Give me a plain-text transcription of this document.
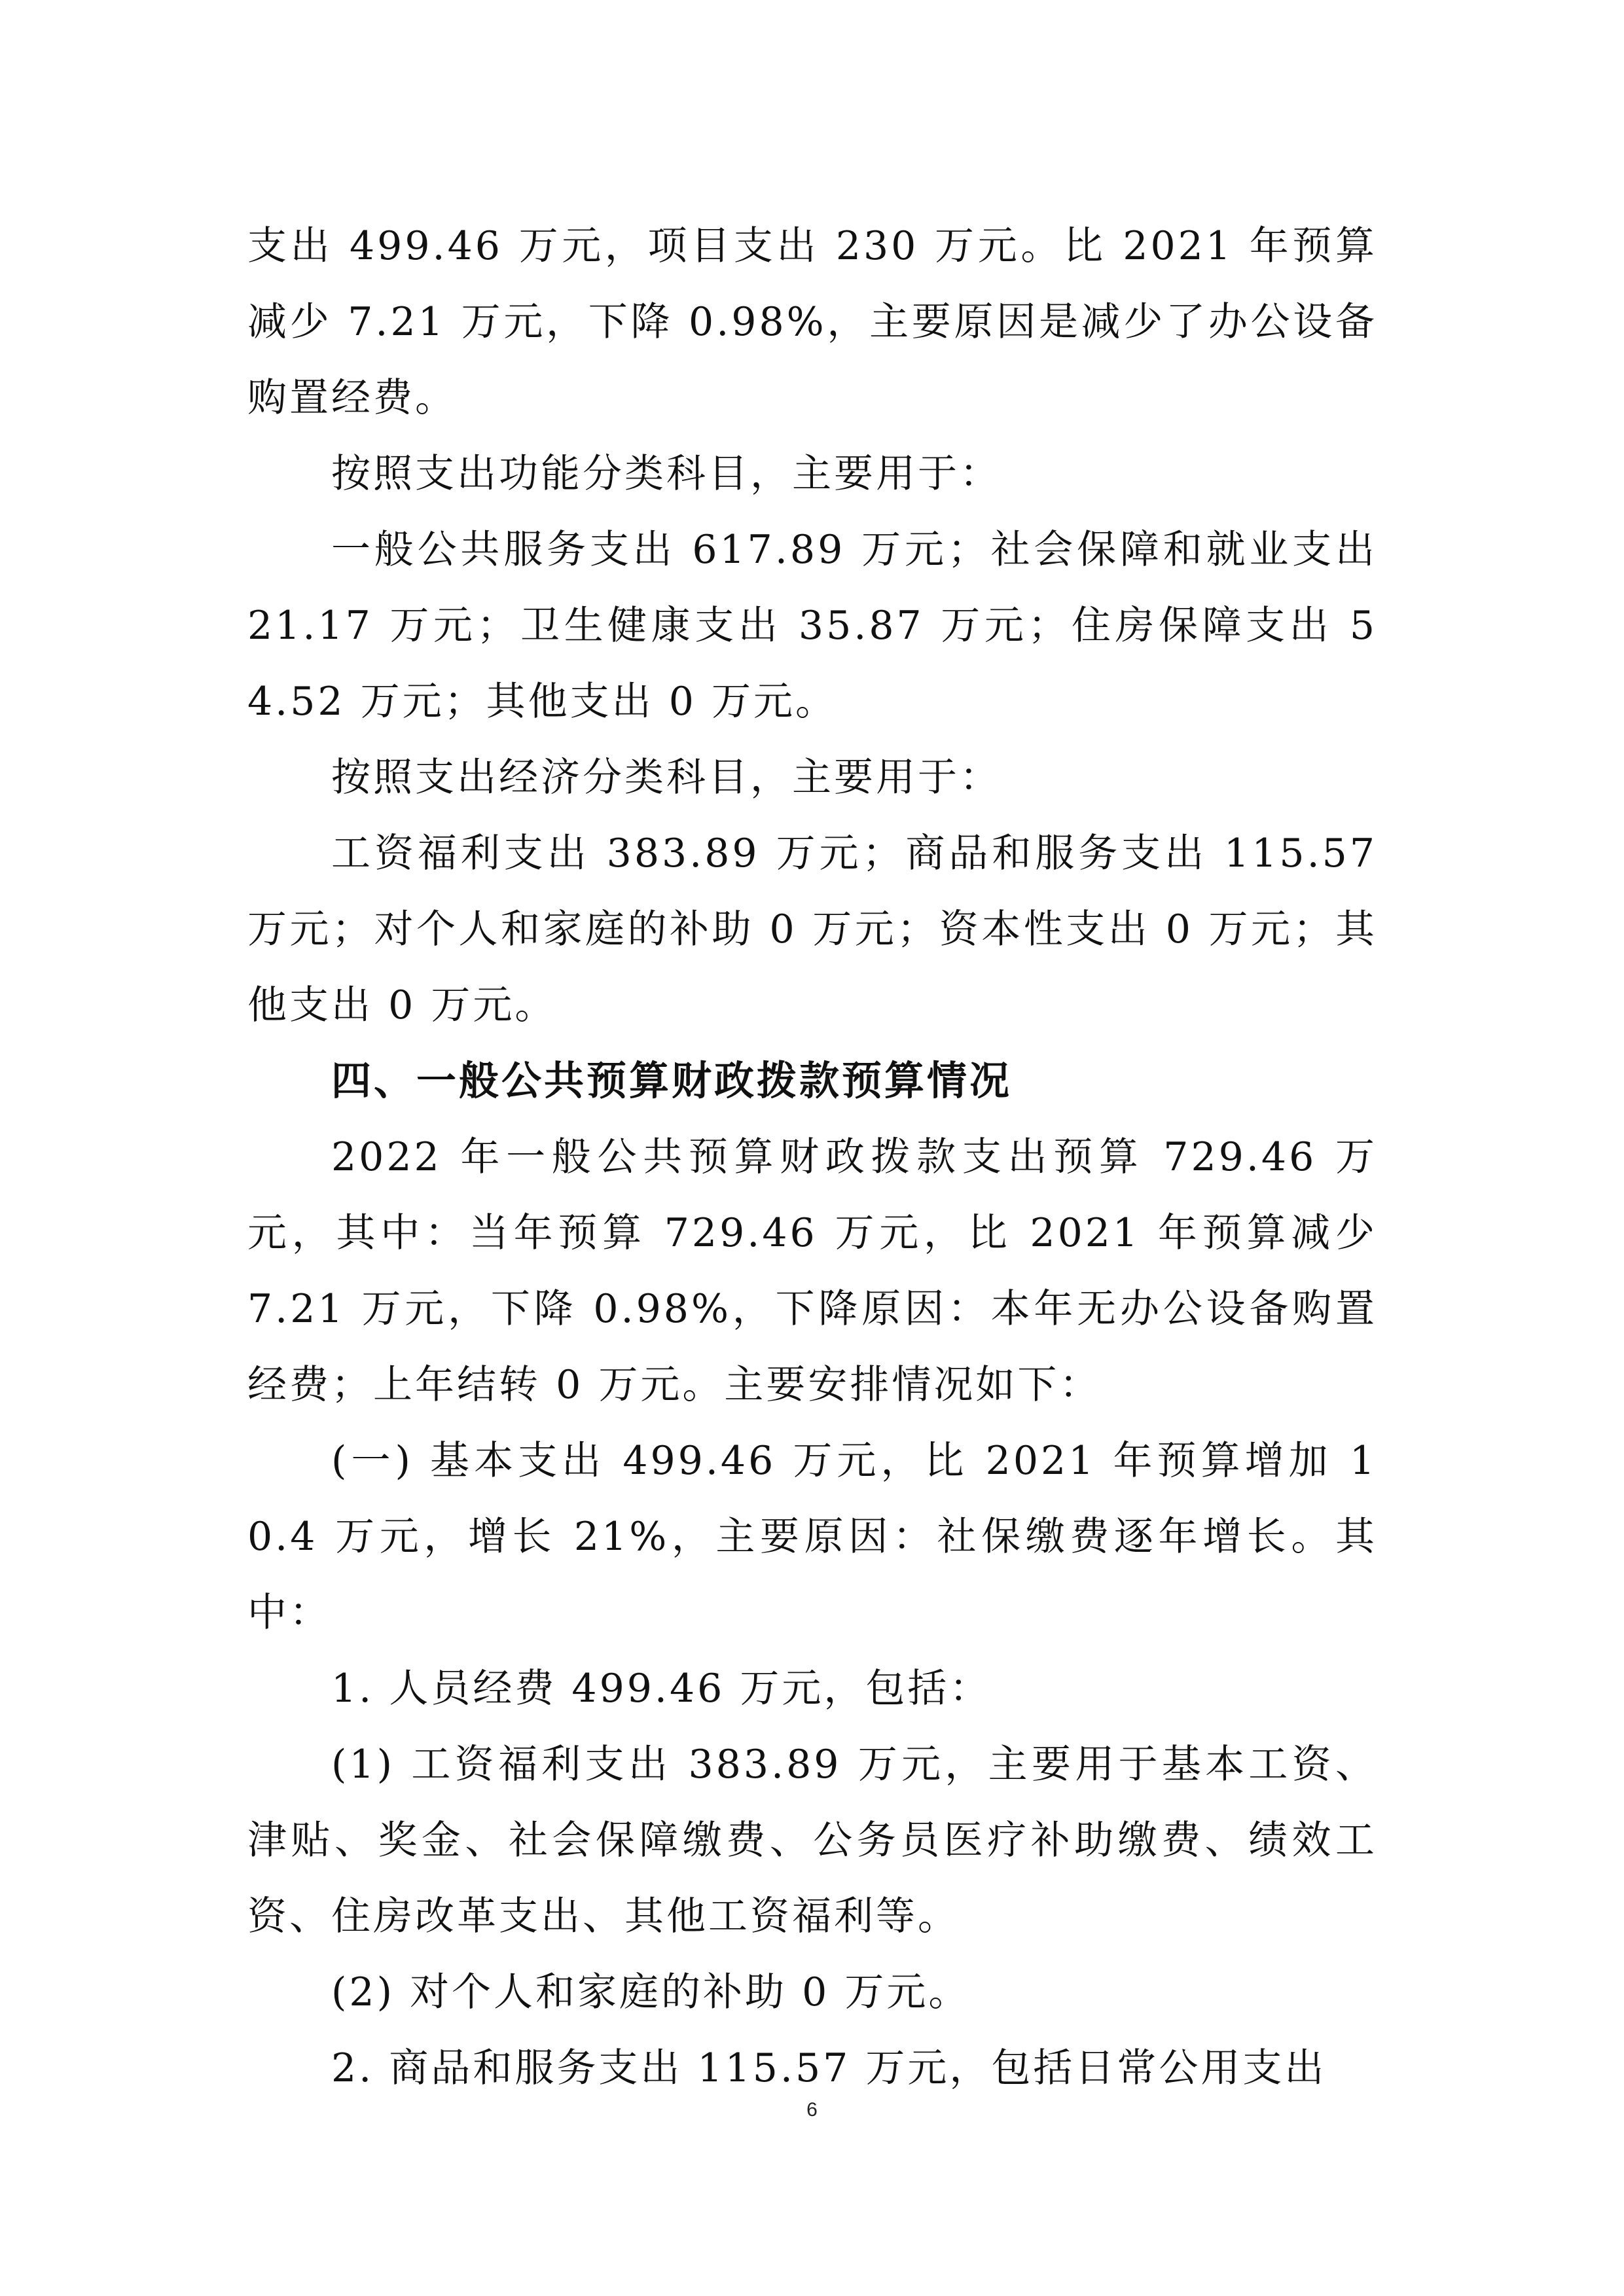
支出 499.46 万元，项目支出 230 万元。比 2021 年预算减少 7.21 万元，下降 0.98%，主要原因是减少了办公设备购置经费。

按照支出功能分类科目，主要用于：

一般公共服务支出 617.89 万元；社会保障和就业支出 21.17 万元；卫生健康支出 35.87 万元；住房保障支出 54.52 万元；其他支出 0 万元。

按照支出经济分类科目，主要用于：

工资福利支出 383.89 万元；商品和服务支出 115.57 万元；对个人和家庭的补助 0 万元；资本性支出 0 万元；其他支出 0 万元。

四、一般公共预算财政拨款预算情况

2022 年一般公共预算财政拨款支出预算 729.46 万元，其中：当年预算 729.46 万元，比 2021 年预算减少 7.21 万元，下降 0.98%，下降原因：本年无办公设备购置经费；上年结转 0 万元。主要安排情况如下：

(一) 基本支出 499.46 万元，比 2021 年预算增加 10.4 万元，增长 21%，主要原因：社保缴费逐年增长。其中：

1. 人员经费 499.46 万元，包括：

(1) 工资福利支出 383.89 万元，主要用于基本工资、津贴、奖金、社会保障缴费、公务员医疗补助缴费、绩效工资、住房改革支出、其他工资福利等。

(2) 对个人和家庭的补助 0 万元。

2. 商品和服务支出 115.57 万元，包括日常公用支出

6
